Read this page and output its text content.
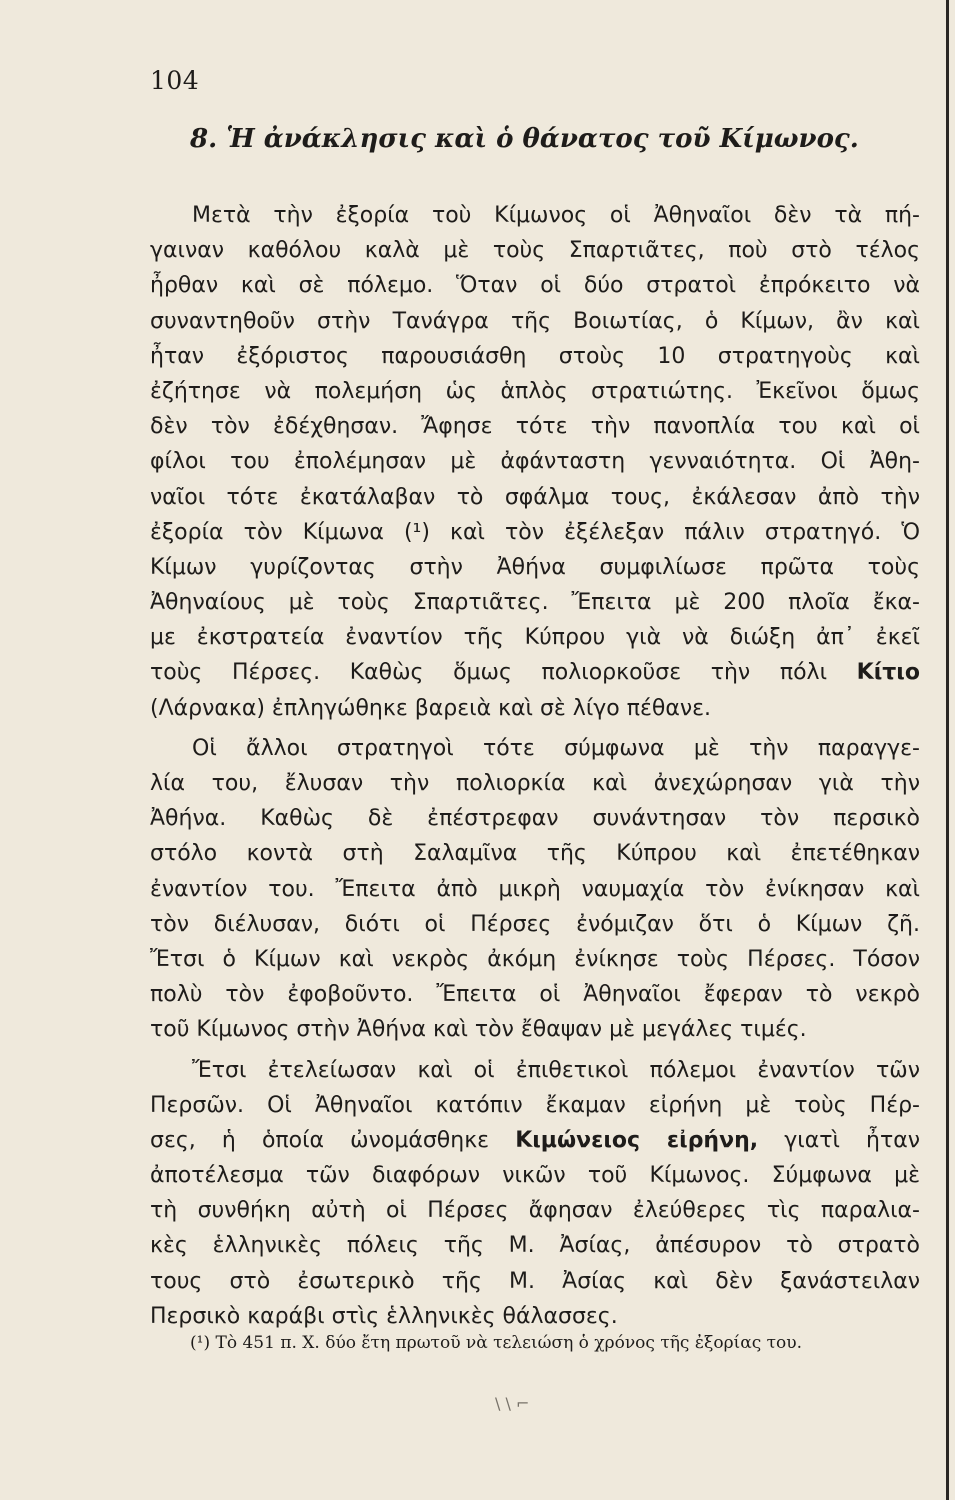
104
8. Ἡ ἀνάκλησις καὶ ὁ θάνατος τοῦ Κίμωνος.
Μετὰ τὴν ἐξορία τοὺ Κίμωνος οἱ Ἀθηναῖοι δὲν τὰ πή-
γαιναν καθόλου καλὰ μὲ τοὺς Σπαρτιᾶτες, ποὺ στὸ τέλος
ἦρθαν καὶ σὲ πόλεμο. Ὅταν οἱ δύο στρατοὶ ἐπρόκειτο νὰ
συναντηθοῦν στὴν Τανάγρα τῆς Βοιωτίας, ὁ Κίμων, ἂν καὶ
ἦταν ἐξόριστος παρουσιάσθη στοὺς 10 στρατηγοὺς καὶ
ἐζήτησε νὰ πολεμήση ὡς ἁπλὸς στρατιώτης. Ἐκεῖνοι ὅμως
δὲν τὸν ἐδέχθησαν. Ἄφησε τότε τὴν πανοπλία του καὶ οἱ
φίλοι του ἐπολέμησαν μὲ ἀφάνταστη γενναιότητα. Οἱ Ἀθη-
ναῖοι τότε ἐκατάλαβαν τὸ σφάλμα τους, ἐκάλεσαν ἀπὸ τὴν
ἐξορία τὸν Κίμωνα (¹) καὶ τὸν ἐξέλεξαν πάλιν στρατηγό. Ὁ
Κίμων γυρίζοντας στὴν Ἀθήνα συμφιλίωσε πρῶτα τοὺς
Ἀθηναίους μὲ τοὺς Σπαρτιᾶτες. Ἔπειτα μὲ 200 πλοῖα ἔκα-
με ἐκστρατεία ἐναντίον τῆς Κύπρου γιὰ νὰ διώξη ἀπ᾽ ἐκεῖ
τοὺς Πέρσες. Καθὼς ὅμως πολιορκοῦσε τὴν πόλι Κίτιο
(Λάρνακα) ἐπληγώθηκε βαρειὰ καὶ σὲ λίγο πέθανε.
Οἱ ἄλλοι στρατηγοὶ τότε σύμφωνα μὲ τὴν παραγγε-
λία του, ἔλυσαν τὴν πολιορκία καὶ ἀνεχώρησαν γιὰ τὴν
Ἀθήνα. Καθὼς δὲ ἐπέστρεφαν συνάντησαν τὸν περσικὸ
στόλο κοντὰ στὴ Σαλαμῖνα τῆς Κύπρου καὶ ἐπετέθηκαν
ἐναντίον του. Ἔπειτα ἀπὸ μικρὴ ναυμαχία τὸν ἐνίκησαν καὶ
τὸν διέλυσαν, διότι οἱ Πέρσες ἐνόμιζαν ὅτι ὁ Κίμων ζῆ.
Ἔτσι ὁ Κίμων καὶ νεκρὸς ἀκόμη ἐνίκησε τοὺς Πέρσες. Τόσον
πολὺ τὸν ἐφοβοῦντο. Ἔπειτα οἱ Ἀθηναῖοι ἔφεραν τὸ νεκρὸ
τοῦ Κίμωνος στὴν Ἀθήνα καὶ τὸν ἔθαψαν μὲ μεγάλες τιμές.
Ἔτσι ἐτελείωσαν καὶ οἱ ἐπιθετικοὶ πόλεμοι ἐναντίον τῶν
Περσῶν. Οἱ Ἀθηναῖοι κατόπιν ἔκαμαν εἰρήνη μὲ τοὺς Πέρ-
σες, ἡ ὁποία ὠνομάσθηκε Κιμώνειος εἰρήνη, γιατὶ ἦταν
ἀποτέλεσμα τῶν διαφόρων νικῶν τοῦ Κίμωνος. Σύμφωνα μὲ
τὴ συνθήκη αὐτὴ οἱ Πέρσες ἄφησαν ἐλεύθερες τὶς παραλια-
κὲς ἑλληνικὲς πόλεις τῆς Μ. Ἀσίας, ἀπέσυρον τὸ στρατὸ
τους στὸ ἐσωτερικὸ τῆς Μ. Ἀσίας καὶ δὲν ξανάστειλαν
Περσικὸ καράβι στὶς ἑλληνικὲς θάλασσες.
(¹) Τὸ 451 π. Χ. δύο ἔτη πρωτοῦ νὰ τελειώση ὁ χρόνος τῆς ἐξορίας του.
\ \ ⌐
